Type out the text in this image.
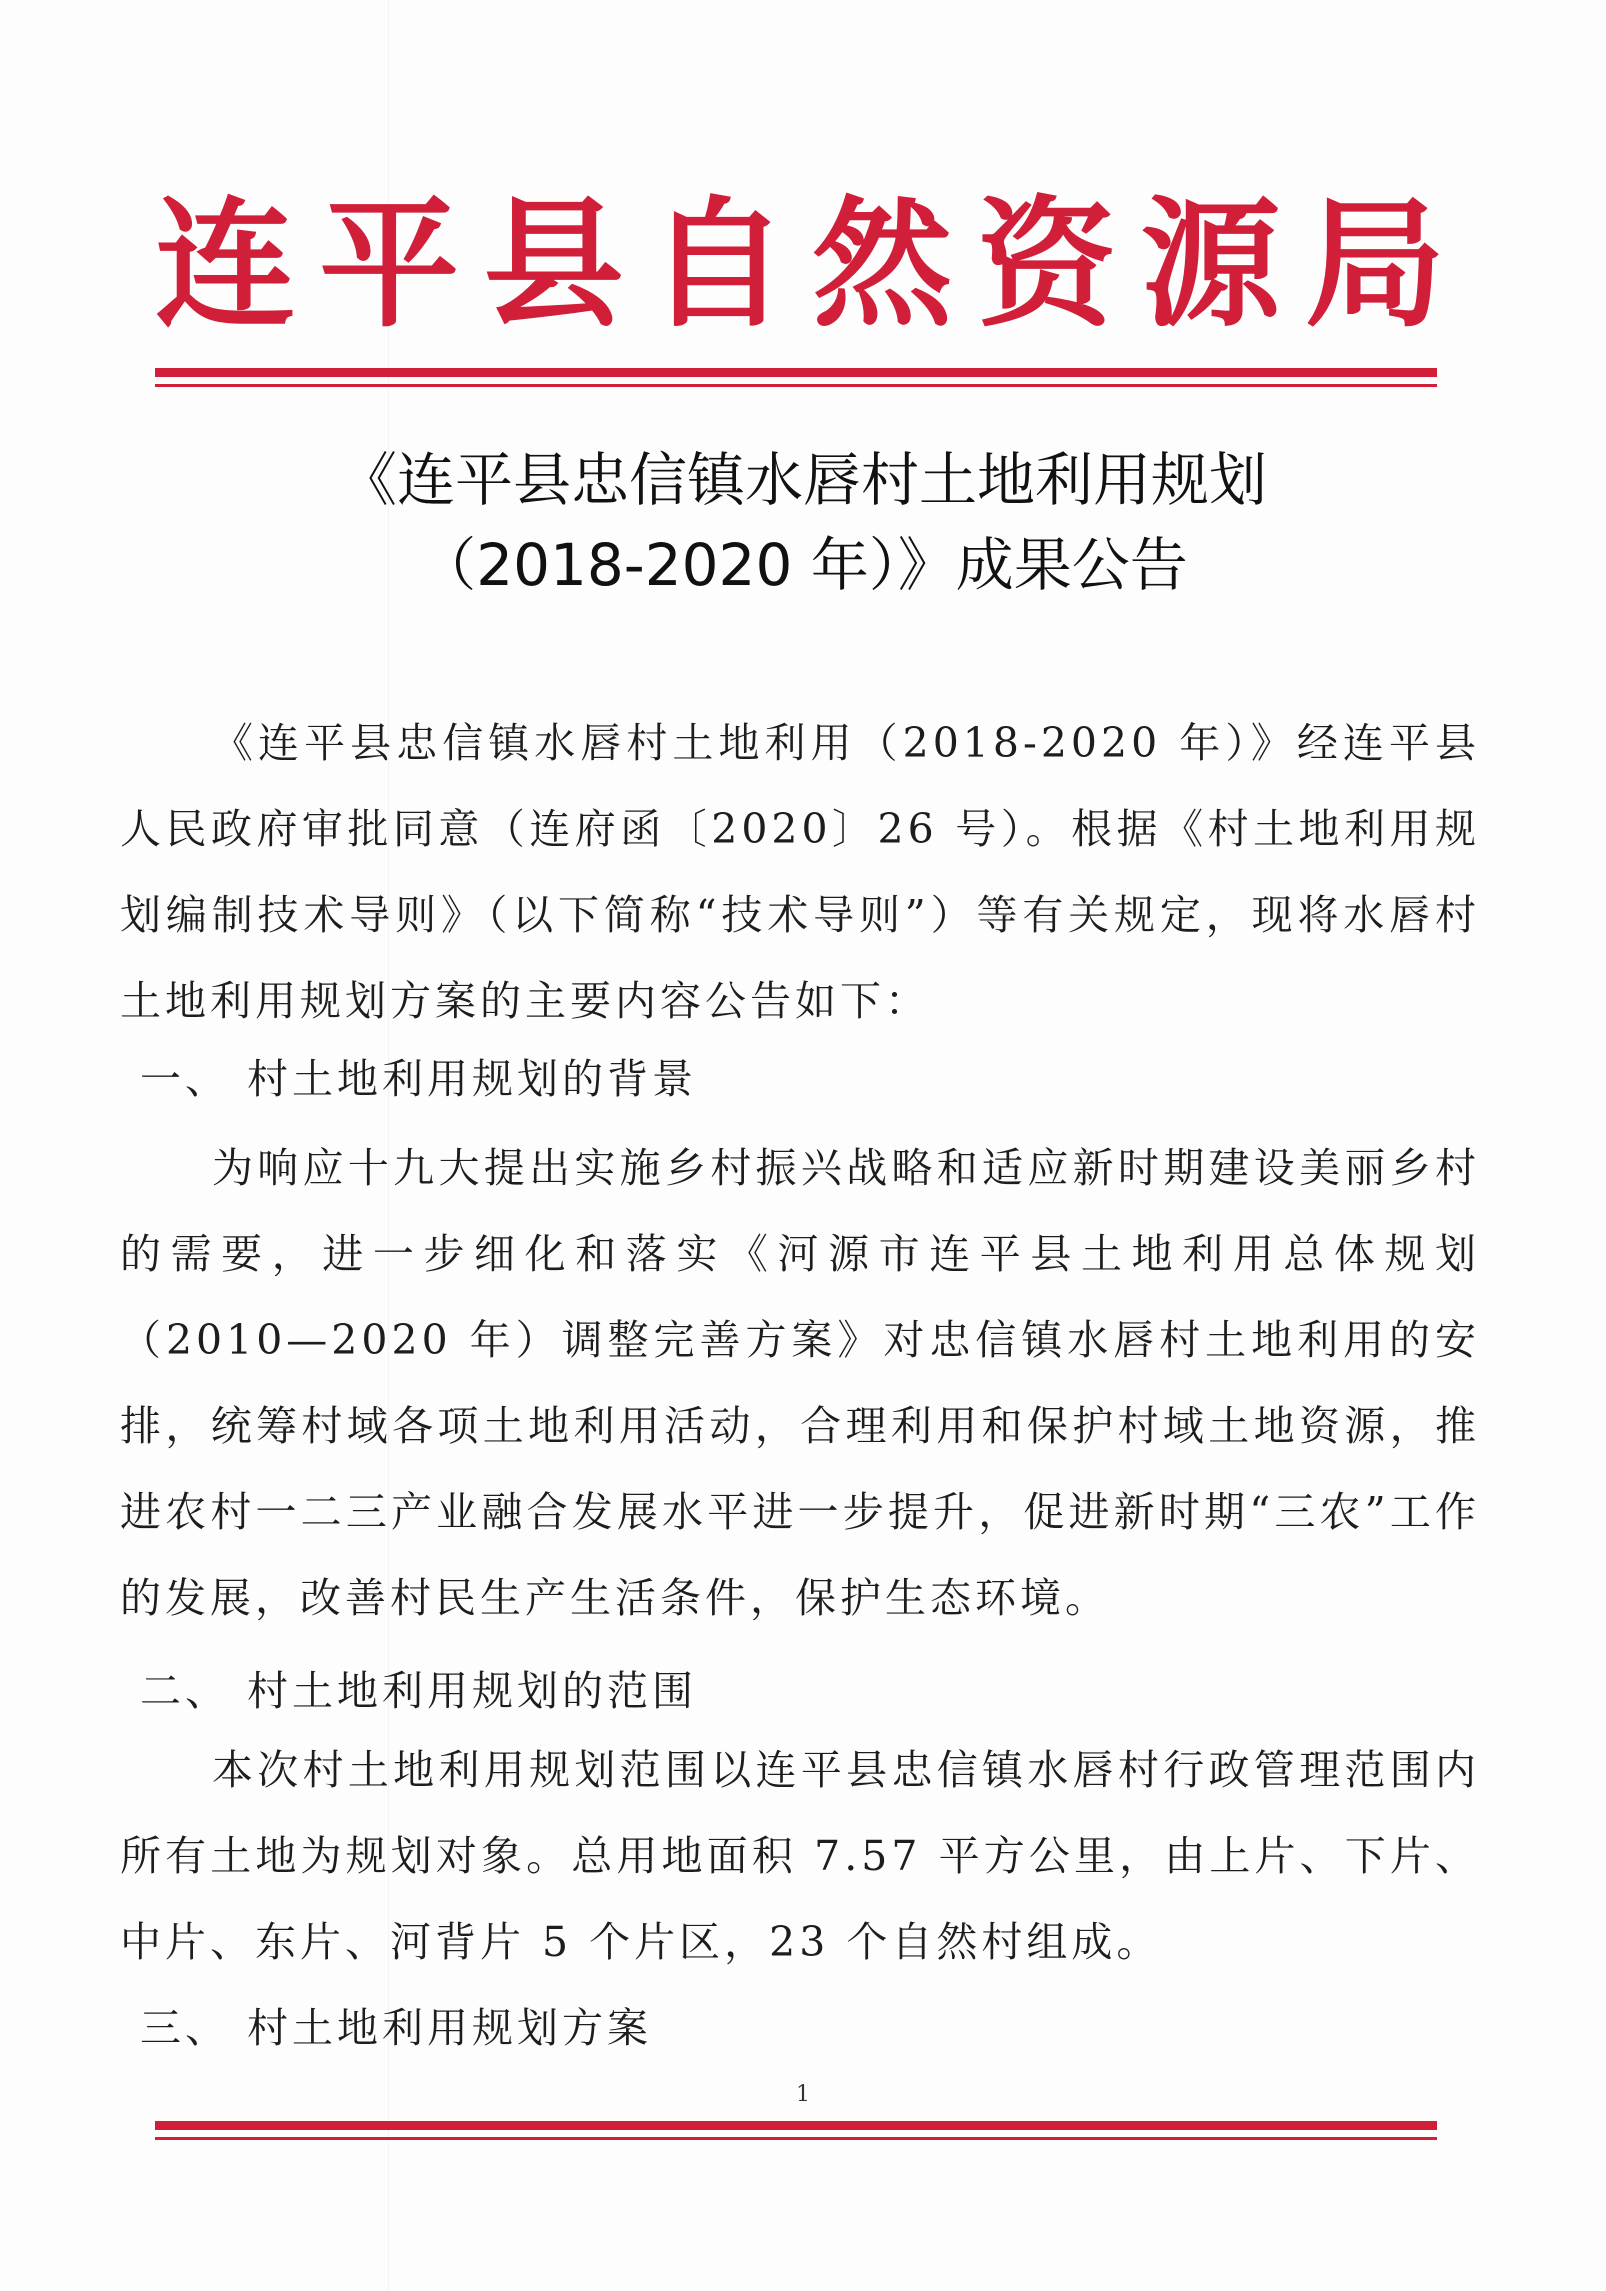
连 平 县 自 然 资 源 局
《连平县忠信镇水唇村土地利用规划
（2018-2020 年）》成果公告

《连平县忠信镇水唇村土地利用（2018-2020 年）》经连平县人民政府审批同意（连府函〔2020〕26 号）。根据《村土地利用规划编制技术导则》（以下简称“技术导则”）等有关规定，现将水唇村土地利用规划方案的主要内容公告如下：

一、 村土地利用规划的背景

为响应十九大提出实施乡村振兴战略和适应新时期建设美丽乡村的需要，进一步细化和落实《河源市连平县土地利用总体规划（2010—2020 年）调整完善方案》对忠信镇水唇村土地利用的安排，统筹村域各项土地利用活动，合理利用和保护村域土地资源，推进农村一二三产业融合发展水平进一步提升，促进新时期“三农”工作的发展，改善村民生产生活条件，保护生态环境。

二、 村土地利用规划的范围

本次村土地利用规划范围以连平县忠信镇水唇村行政管理范围内所有土地为规划对象。总用地面积 7.57 平方公里，由上片、下片、中片、东片、河背片 5 个片区，23 个自然村组成。

三、 村土地利用规划方案
1
